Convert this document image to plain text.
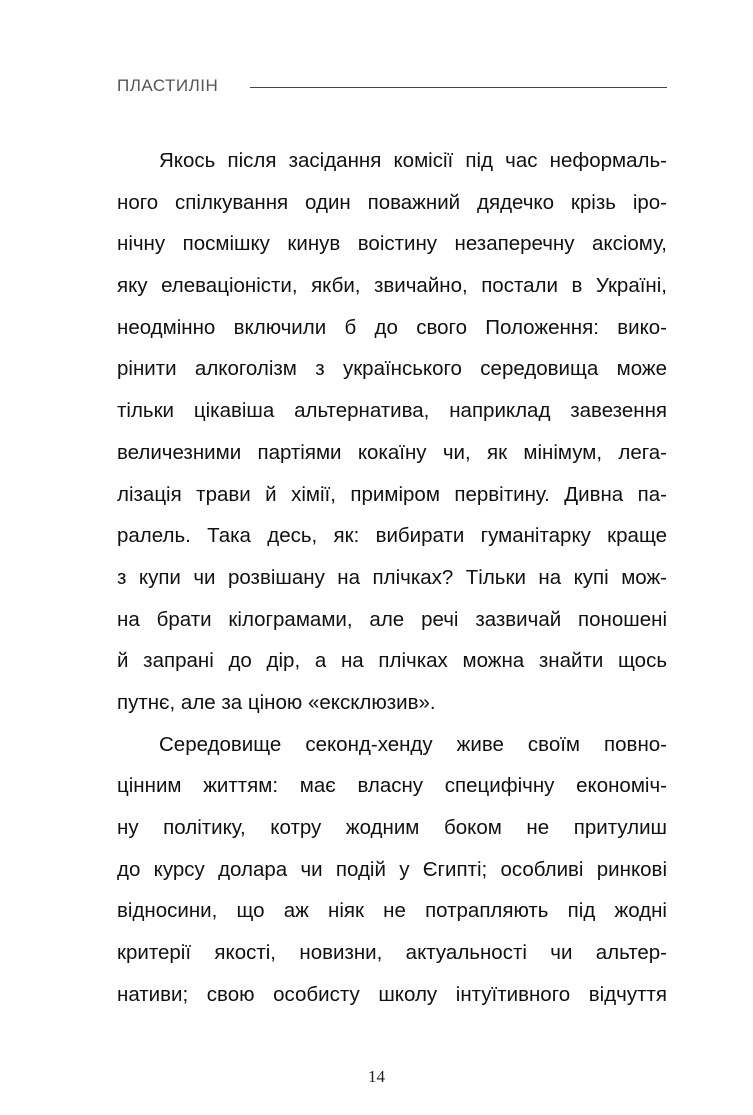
ПЛАСТИЛІН
Якось після засідання комісії під час неформаль-
ного спілкування один поважний дядечко крізь іро-
нічну посмішку кинув воістину незаперечну аксіому,
яку елеваціоністи, якби, звичайно, постали в Україні,
неодмінно включили б до свого Положення: вико-
рінити алкоголізм з українського середовища може
тільки цікавіша альтернатива, наприклад завезення
величезними партіями кокаїну чи, як мінімум, лега-
лізація трави й хімії, приміром первітину. Дивна па-
ралель. Така десь, як: вибирати гуманітарку краще
з купи чи розвішану на плічках? Тільки на купі мож-
на брати кілограмами, але речі зазвичай поношені
й запрані до дір, а на плічках можна знайти щось
путнє, але за ціною «ексклюзив».
Середовище секонд-хенду живе своїм повно-
цінним життям: має власну специфічну економіч-
ну політику, котру жодним боком не притулиш
до курсу долара чи подій у Єгипті; особливі ринкові
відносини, що аж ніяк не потрапляють під жодні
критерії якості, новизни, актуальності чи альтер-
нативи; свою особисту школу інтуїтивного відчуття
14
